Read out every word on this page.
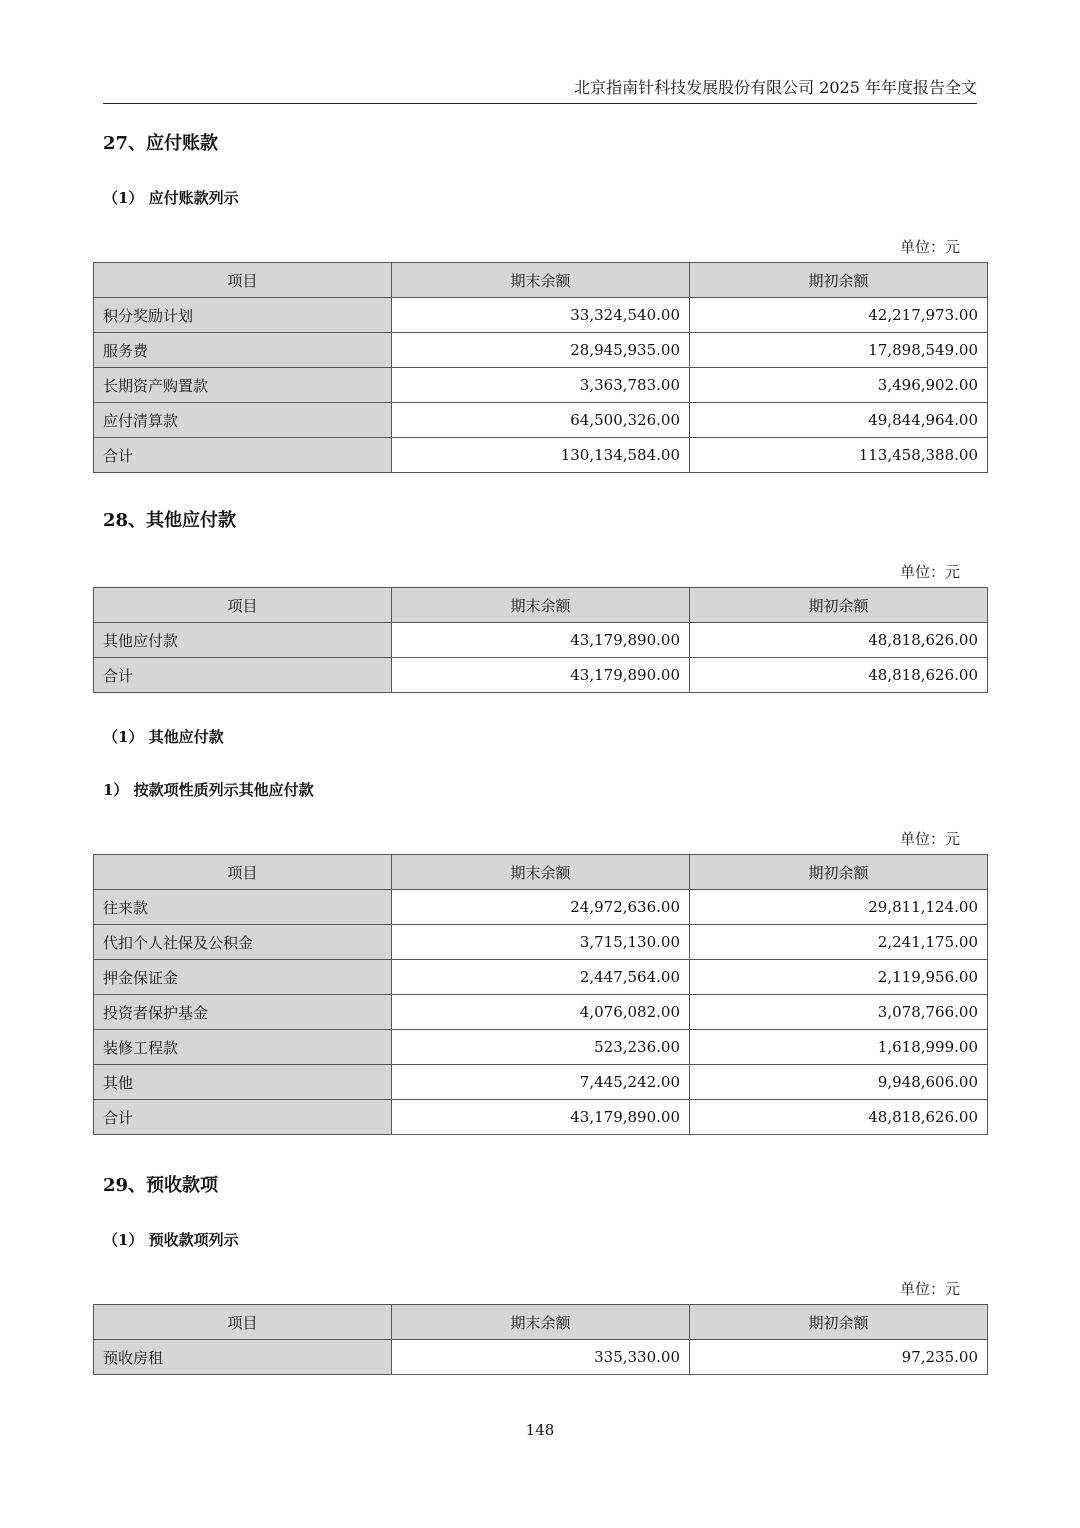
北京指南针科技发展股份有限公司 2025 年年度报告全文
27、应付账款
（1） 应付账款列示
单位：元
项目	期末余额	期初余额
积分奖励计划	33,324,540.00	42,217,973.00
服务费	28,945,935.00	17,898,549.00
长期资产购置款	3,363,783.00	3,496,902.00
应付清算款	64,500,326.00	49,844,964.00
合计	130,134,584.00	113,458,388.00
28、其他应付款
单位：元
项目	期末余额	期初余额
其他应付款	43,179,890.00	48,818,626.00
合计	43,179,890.00	48,818,626.00
（1） 其他应付款
1） 按款项性质列示其他应付款
单位：元
项目	期末余额	期初余额
往来款	24,972,636.00	29,811,124.00
代扣个人社保及公积金	3,715,130.00	2,241,175.00
押金保证金	2,447,564.00	2,119,956.00
投资者保护基金	4,076,082.00	3,078,766.00
装修工程款	523,236.00	1,618,999.00
其他	7,445,242.00	9,948,606.00
合计	43,179,890.00	48,818,626.00
29、预收款项
（1） 预收款项列示
单位：元
项目	期末余额	期初余额
预收房租	335,330.00	97,235.00
148
